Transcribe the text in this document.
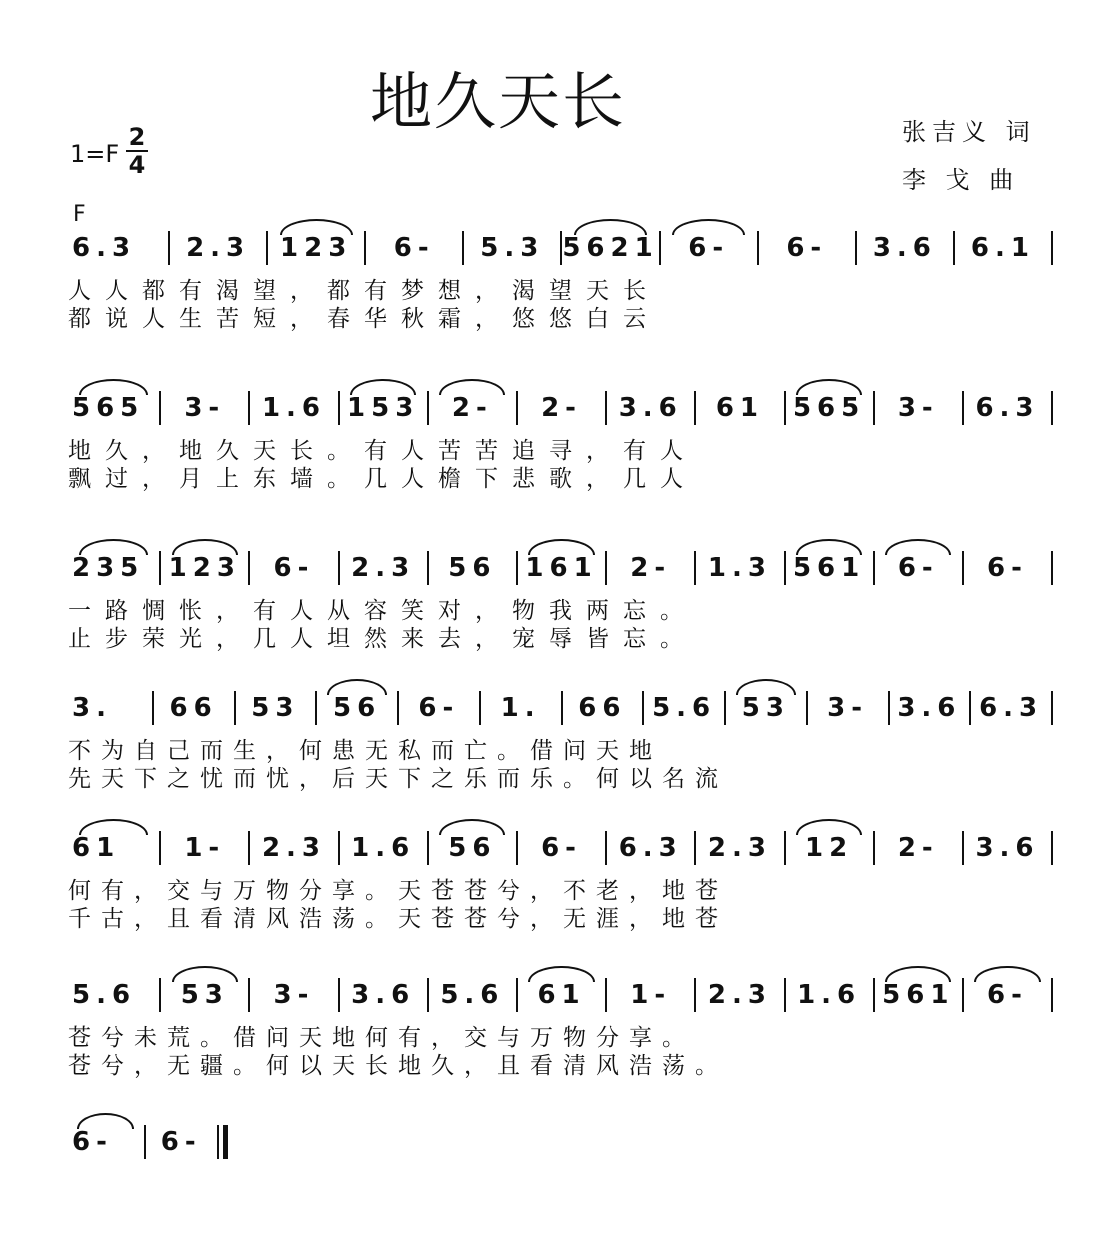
地久天长	张吉义 词
李 戈 曲
1=F
2
4
F
6.3	2.3	123	6-	5.3 5621	6-	6-	3.6	6.1
人人都有渴望，都有梦想，渴望天长
都说人生苦短，春华秋霜，悠悠白云
565	3-	1.6 153	2-	2-	3.6	61	565	3-	6.3
地久，地久天长。有人苦苦追寻，有人
飘过，月上东墙。几人檐下悲歌，几人
235 123	6-	2.3	56	161	2-	1.3 561	6-	6-
一路惆怅，有人从容笑对，物我两忘。
止步荣光，几人坦然来去，宠辱皆忘。
3.	66	53	56	6-	1.	66 5.6 53	3-	3.6 6.3
不为自己而生，何患无私而亡。借问天地
先天下之忧而忧，后天下之乐而乐。何以名流
61	1-	2.3 1.6	56	6-	6.3 2.3	12	2-	3.6
何有，交与万物分享。天苍苍兮，不老，地苍
千古，且看清风浩荡。天苍苍兮，无涯，地苍
5.6	53	3-	3.6 5.6	61	1-	2.3 1.6 561	6-
苍兮未荒。借问天地何有，交与万物分享。
苍兮，无疆。何以天长地久，且看清风浩荡。
6-	6-
